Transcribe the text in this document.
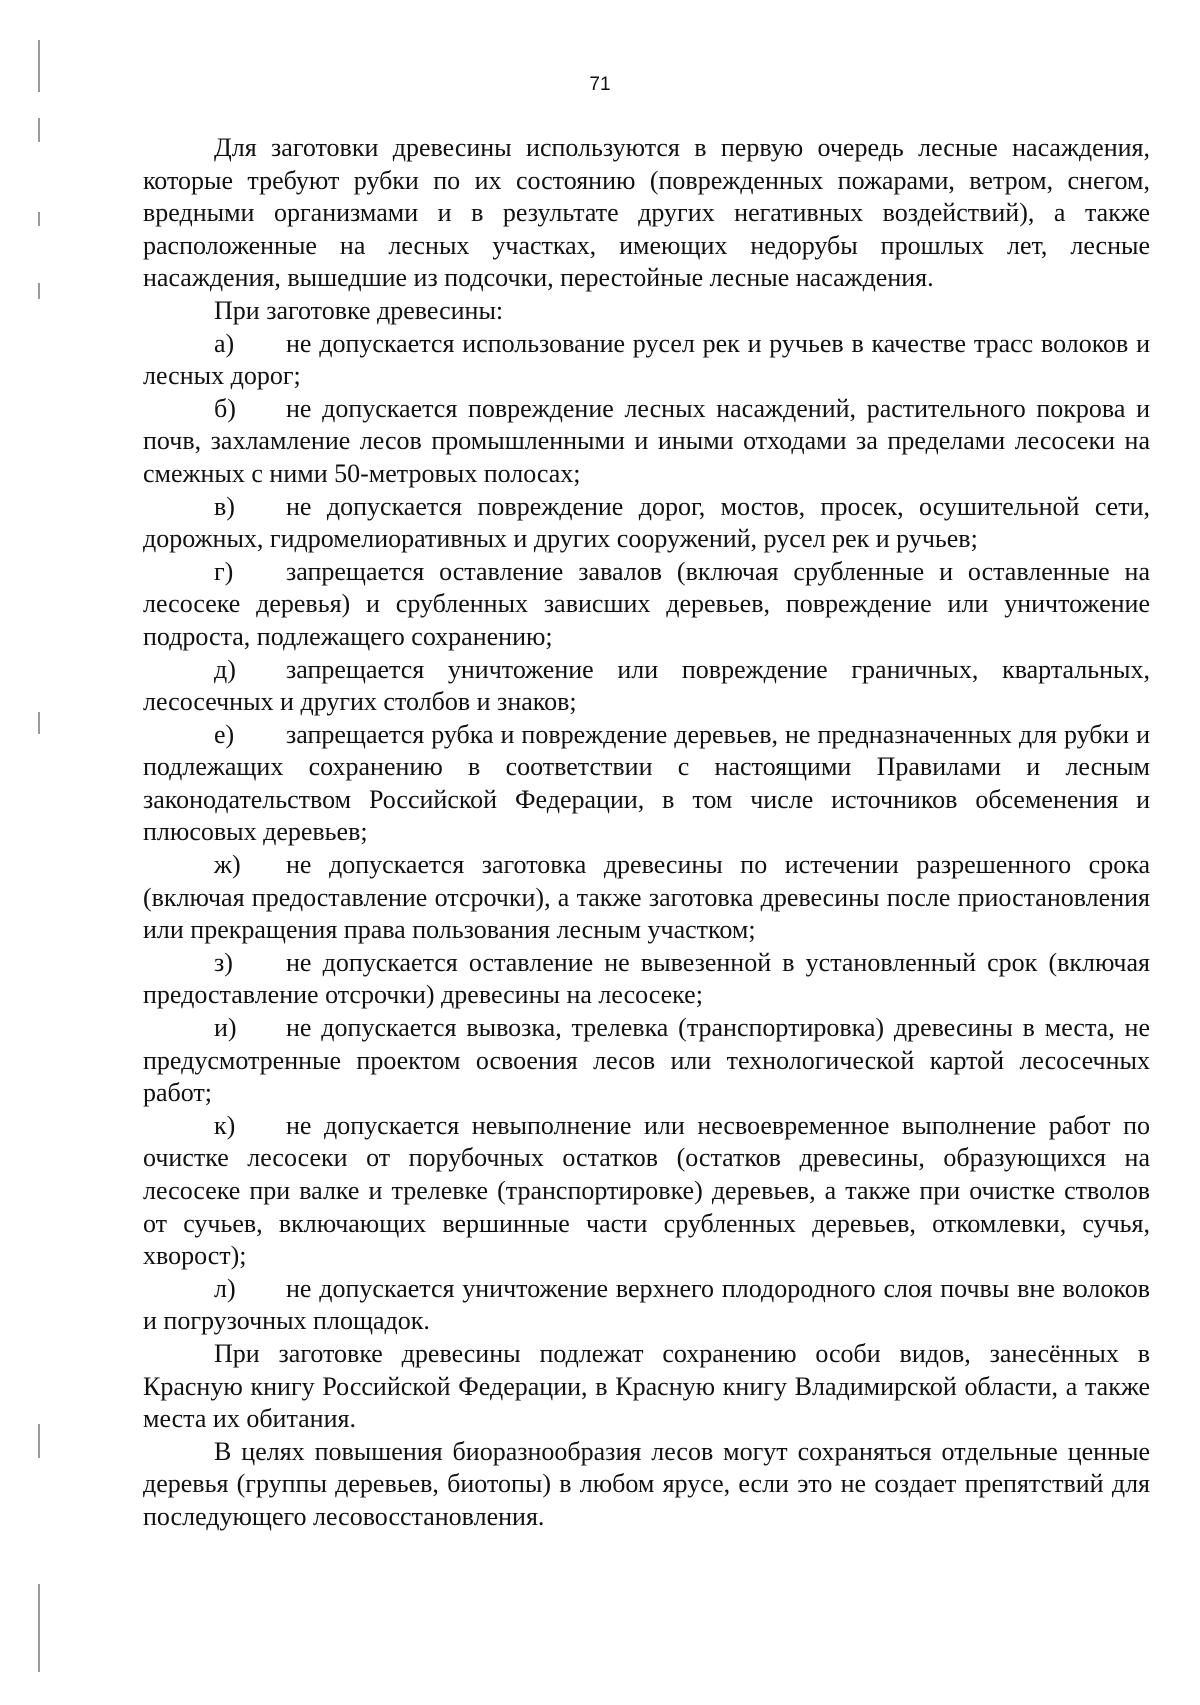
71

Для заготовки древесины используются в первую очередь лесные насаждения, которые требуют рубки по их состоянию (поврежденных пожарами, ветром, снегом, вредными организмами и в результате других негативных воздействий), а также расположенные на лесных участках, имеющих недорубы прошлых лет, лесные насаждения, вышедшие из подсочки, перестойные лесные насаждения.

При заготовке древесины:

а) не допускается использование русел рек и ручьев в качестве трасс волоков и лесных дорог;

б) не допускается повреждение лесных насаждений, растительного покрова и почв, захламление лесов промышленными и иными отходами за пределами лесосеки на смежных с ними 50-метровых полосах;

в) не допускается повреждение дорог, мостов, просек, осушительной сети, дорожных, гидромелиоративных и других сооружений, русел рек и ручьев;

г) запрещается оставление завалов (включая срубленные и оставленные на лесосеке деревья) и срубленных зависших деревьев, повреждение или уничтожение подроста, подлежащего сохранению;

д) запрещается уничтожение или повреждение граничных, квартальных, лесосечных и других столбов и знаков;

е) запрещается рубка и повреждение деревьев, не предназначенных для рубки и подлежащих сохранению в соответствии с настоящими Правилами и лесным законодательством Российской Федерации, в том числе источников обсеменения и плюсовых деревьев;

ж) не допускается заготовка древесины по истечении разрешенного срока (включая предоставление отсрочки), а также заготовка древесины после приостановления или прекращения права пользования лесным участком;

з) не допускается оставление не вывезенной в установленный срок (включая предоставление отсрочки) древесины на лесосеке;

и) не допускается вывозка, трелевка (транспортировка) древесины в места, не предусмотренные проектом освоения лесов или технологической картой лесосечных работ;

к) не допускается невыполнение или несвоевременное выполнение работ по очистке лесосеки от порубочных остатков (остатков древесины, образующихся на лесосеке при валке и трелевке (транспортировке) деревьев, а также при очистке стволов от сучьев, включающих вершинные части срубленных деревьев, откомлевки, сучья, хворост);

л) не допускается уничтожение верхнего плодородного слоя почвы вне волоков и погрузочных площадок.

При заготовке древесины подлежат сохранению особи видов, занесённых в Красную книгу Российской Федерации, в Красную книгу Владимирской области, а также места их обитания.

В целях повышения биоразнообразия лесов могут сохраняться отдельные ценные деревья (группы деревьев, биотопы) в любом ярусе, если это не создает препятствий для последующего лесовосстановления.
